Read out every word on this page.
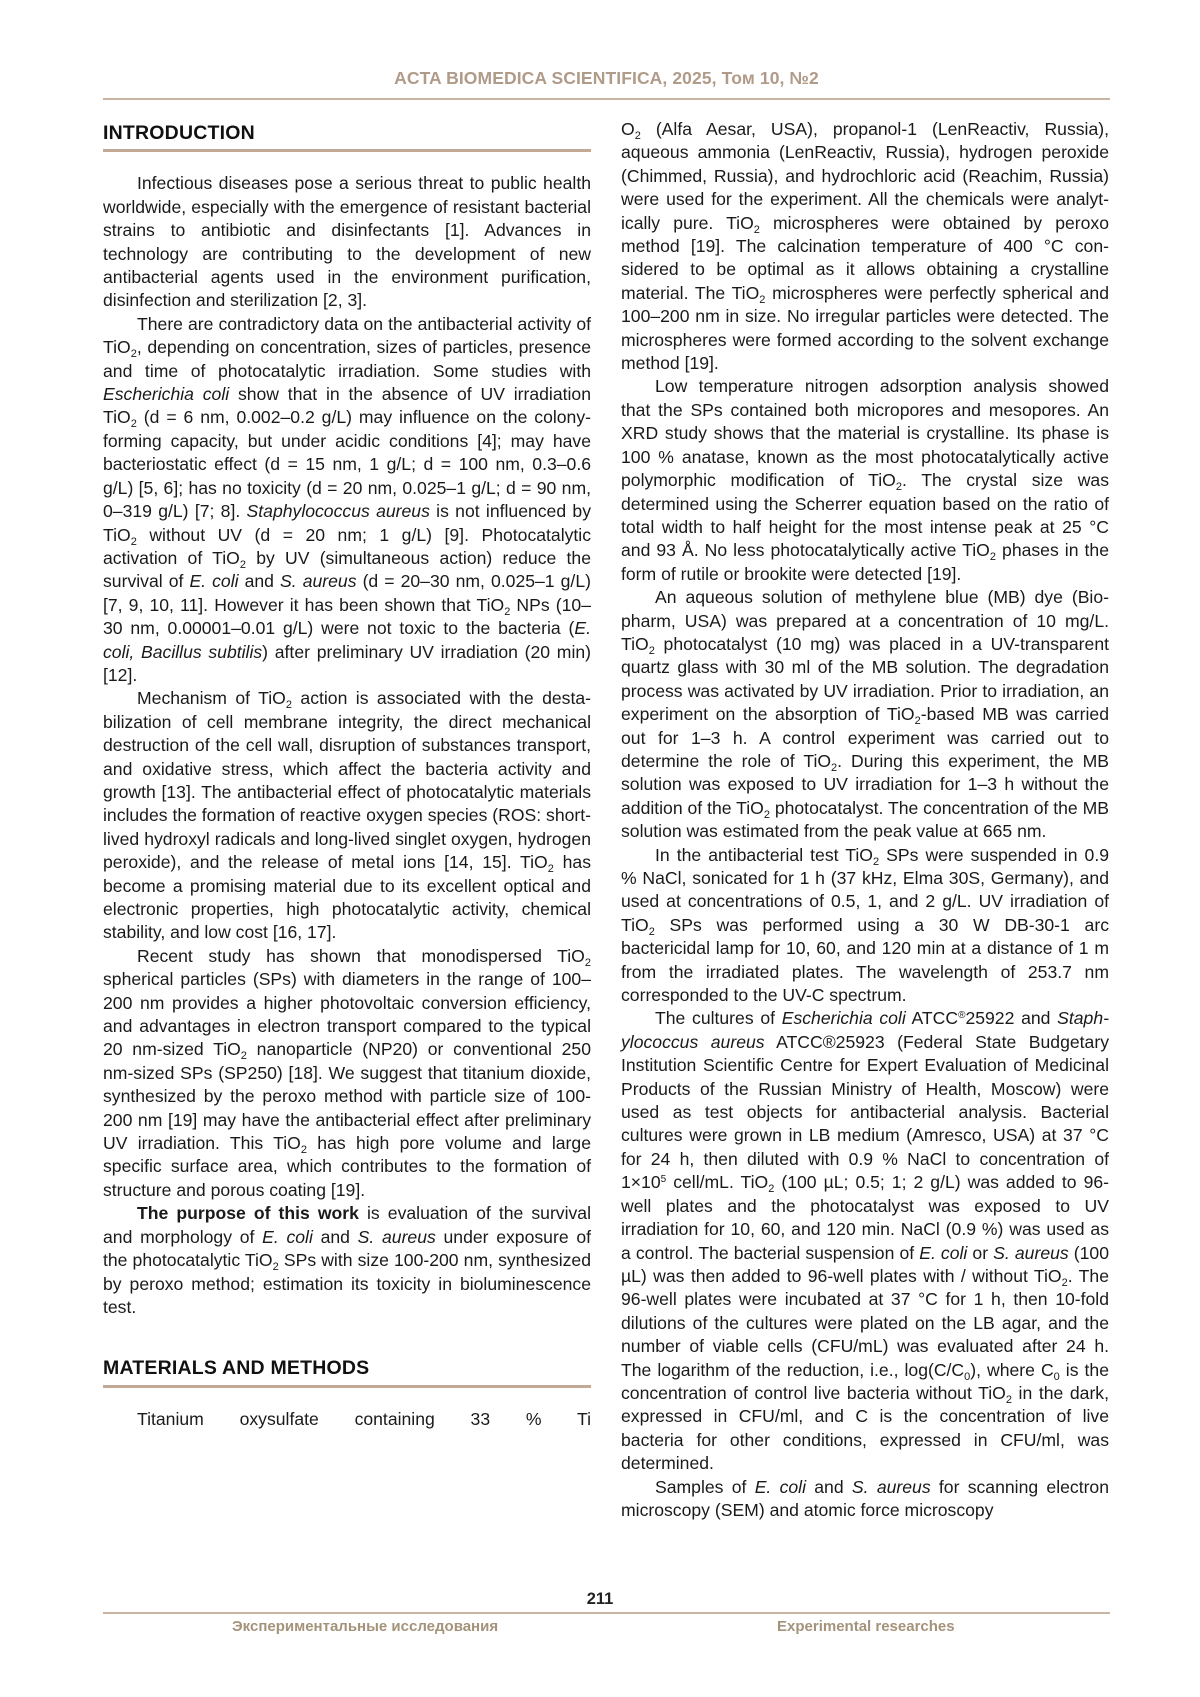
ACTA BIOMEDICA SCIENTIFICA, 2025, Том 10, №2
INTRODUCTION

Infectious diseases pose a serious threat to public health worldwide, especially with the emergence of resistant bacterial strains to antibiotic and disinfectants [1]. Advances in technology are contributing to the development of new antibacterial agents used in the environment purification, disinfection and sterilization [2, 3].

There are contradictory data on the antibacterial activity of TiO$_2$, depending on concentration, sizes of particles, presence and time of photocatalytic irradiation. Some studies with Escherichia coli show that in the absence of UV irradiation TiO$_2$ (d = 6 nm, 0.002–0.2 g/L) may influence on the colony-forming capacity, but under acidic conditions [4]; may have bacteriostatic effect (d = 15 nm, 1 g/L; d = 100 nm, 0.3–0.6 g/L) [5, 6]; has no toxicity (d = 20 nm, 0.025–1 g/L; d = 90 nm, 0–319 g/L) [7; 8]. Staphylococcus aureus is not influenced by TiO$_2$ without UV (d = 20 nm; 1 g/L) [9]. Photocatalytic activation of TiO$_2$ by UV (simultaneous action) reduce the survival of E. coli and S. aureus (d = 20–30 nm, 0.025–1 g/L) [7, 9, 10, 11]. However it has been shown that TiO$_2$ NPs (10–30 nm, 0.00001–0.01 g/L) were not toxic to the bacteria (E. coli, Bacillus subtilis) after preliminary UV irradiation (20 min) [12].

Mechanism of TiO$_2$ action is associated with the destabilization of cell membrane integrity, the direct mechanical destruction of the cell wall, disruption of substances transport, and oxidative stress, which affect the bacteria activity and growth [13]. The antibacterial effect of photocatalytic materials includes the formation of reactive oxygen species (ROS: short-lived hydroxyl radicals and long-lived singlet oxygen, hydrogen peroxide), and the release of metal ions [14, 15]. TiO$_2$ has become a promising material due to its excellent optical and electronic properties, high photocatalytic activity, chemical stability, and low cost [16, 17].

Recent study has shown that monodispersed TiO$_2$ spherical particles (SPs) with diameters in the range of 100–200 nm provides a higher photovoltaic conversion efficiency, and advantages in electron transport compared to the typical 20 nm-sized TiO$_2$ nanoparticle (NP20) or conventional 250 nm-sized SPs (SP250) [18]. We suggest that titanium dioxide, synthesized by the peroxo method with particle size of 100-200 nm [19] may have the antibacterial effect after preliminary UV irradiation. This TiO$_2$ has high pore volume and large specific surface area, which contributes to the formation of structure and porous coating [19].

The purpose of this work is evaluation of the survival and morphology of E. coli and S. aureus under exposure of the photocatalytic TiO$_2$ SPs with size 100-200 nm, synthesized by peroxo method; estimation its toxicity in bioluminescence test.

MATERIALS AND METHODS

Titanium oxysulfate containing 33 % Ti

$O_2$ (Alfa Aesar, USA), propanol-1 (LenReactiv, Russia), aqueous ammonia (LenReactiv, Russia), hydrogen peroxide (Chimmed, Russia), and hydrochloric acid (Reachim, Russia) were used for the experiment. All the chemicals were analytically pure. TiO$_2$ microspheres were obtained by peroxo method [19]. The calcination temperature of 400 °C considered to be optimal as it allows obtaining a crystalline material. The TiO$_2$ microspheres were perfectly spherical and 100–200 nm in size. No irregular particles were detected. The microspheres were formed according to the solvent exchange method [19].

Low temperature nitrogen adsorption analysis showed that the SPs contained both micropores and mesopores. An XRD study shows that the material is crystalline. Its phase is 100 % anatase, known as the most photocatalytically active polymorphic modification of TiO$_2$. The crystal size was determined using the Scherrer equation based on the ratio of total width to half height for the most intense peak at 25 °C and 93 Å. No less photocatalytically active TiO$_2$ phases in the form of rutile or brookite were detected [19].

An aqueous solution of methylene blue (MB) dye (Biopharm, USA) was prepared at a concentration of 10 mg/L. TiO$_2$ photocatalyst (10 mg) was placed in a UV-transparent quartz glass with 30 ml of the MB solution. The degradation process was activated by UV irradiation. Prior to irradiation, an experiment on the absorption of TiO$_2$-based MB was carried out for 1–3 h. A control experiment was carried out to determine the role of TiO$_2$. During this experiment, the MB solution was exposed to UV irradiation for 1–3 h without the addition of the TiO$_2$ photocatalyst. The concentration of the MB solution was estimated from the peak value at 665 nm.

In the antibacterial test TiO$_2$ SPs were suspended in 0.9 % NaCl, sonicated for 1 h (37 kHz, Elma 30S, Germany), and used at concentrations of 0.5, 1, and 2 g/L. UV irradiation of TiO$_2$ SPs was performed using a 30 W DB-30-1 arc bactericidal lamp for 10, 60, and 120 min at a distance of 1 m from the irradiated plates. The wavelength of 253.7 nm corresponded to the UV-C spectrum.

The cultures of Escherichia coli ATCC®25922 and Staphylococcus aureus ATCC®25923 (Federal State Budgetary Institution Scientific Centre for Expert Evaluation of Medicinal Products of the Russian Ministry of Health, Moscow) were used as test objects for antibacterial analysis. Bacterial cultures were grown in LB medium (Amresco, USA) at 37 °C for 24 h, then diluted with 0.9 % NaCl to concentration of $1\times 10^5$ cell/mL. TiO$_2$ (100 µL; 0.5; 1; 2 g/L) was added to 96-well plates and the photocatalyst was exposed to UV irradiation for 10, 60, and 120 min. NaCl (0.9 %) was used as a control. The bacterial suspension of E. coli or S. aureus (100 µL) was then added to 96-well plates with / without TiO$_2$. The 96-well plates were incubated at 37 °C for 1 h, then 10-fold dilutions of the cultures were plated on the LB agar, and the number of viable cells (CFU/mL) was evaluated after 24 h. The logarithm of the reduction, i.e., $\log(C/C_0)$, where $C_0$ is the concentration of control live bacteria without TiO$_2$ in the dark, expressed in CFU/ml, and C is the concentration of live bacteria for other conditions, expressed in CFU/ml, was determined.

Samples of E. coli and S. aureus for scanning electron microscopy (SEM) and atomic force microscopy

211
Экспериментальные исследования	Experimental researches
